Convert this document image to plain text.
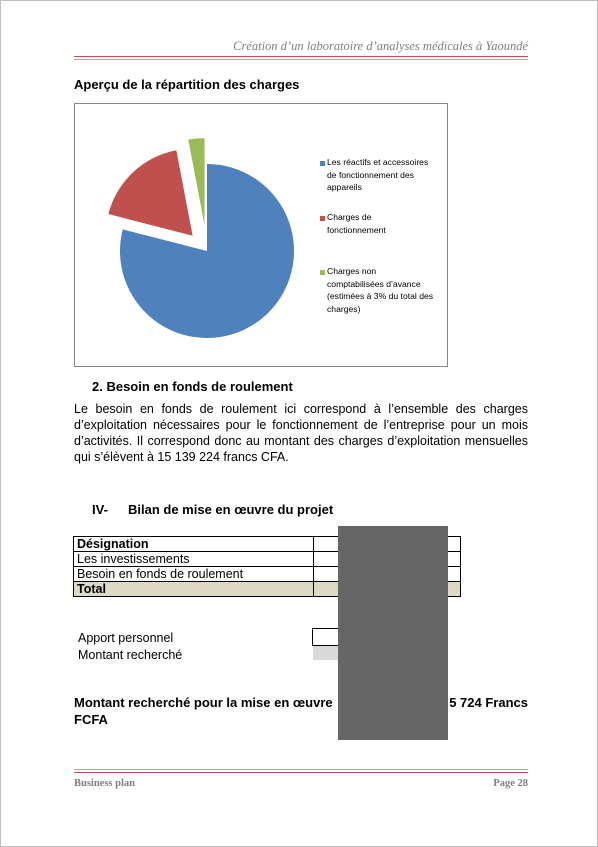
Création d’un laboratoire d’analyses médicales à Yaoundé
Aperçu de la répartition des charges
Les réactifs et accessoires
de fonctionnement des
appareils
Charges de
fonctionnement
Charges non
comptabilisées d’avance
(estimées à 3% du total des
charges)
2. Besoin en fonds de roulement
Le besoin en fonds de roulement ici correspond à l’ensemble des charges d’exploitation nécessaires pour le fonctionnement de l’entreprise pour un mois d’activités. Il correspond donc au montant des charges d’exploitation mensuelles qui s’élèvent à 15 139 224 francs CFA.
IV- Bilan de mise en œuvre du projet
Désignation	
Les investissements	
Besoin en fonds de roulement	
Total	
Apport personnel
Montant recherché
Montant recherché pour la mise en œuvre	5 724 Francs
FCFA
Business plan	Page 28
